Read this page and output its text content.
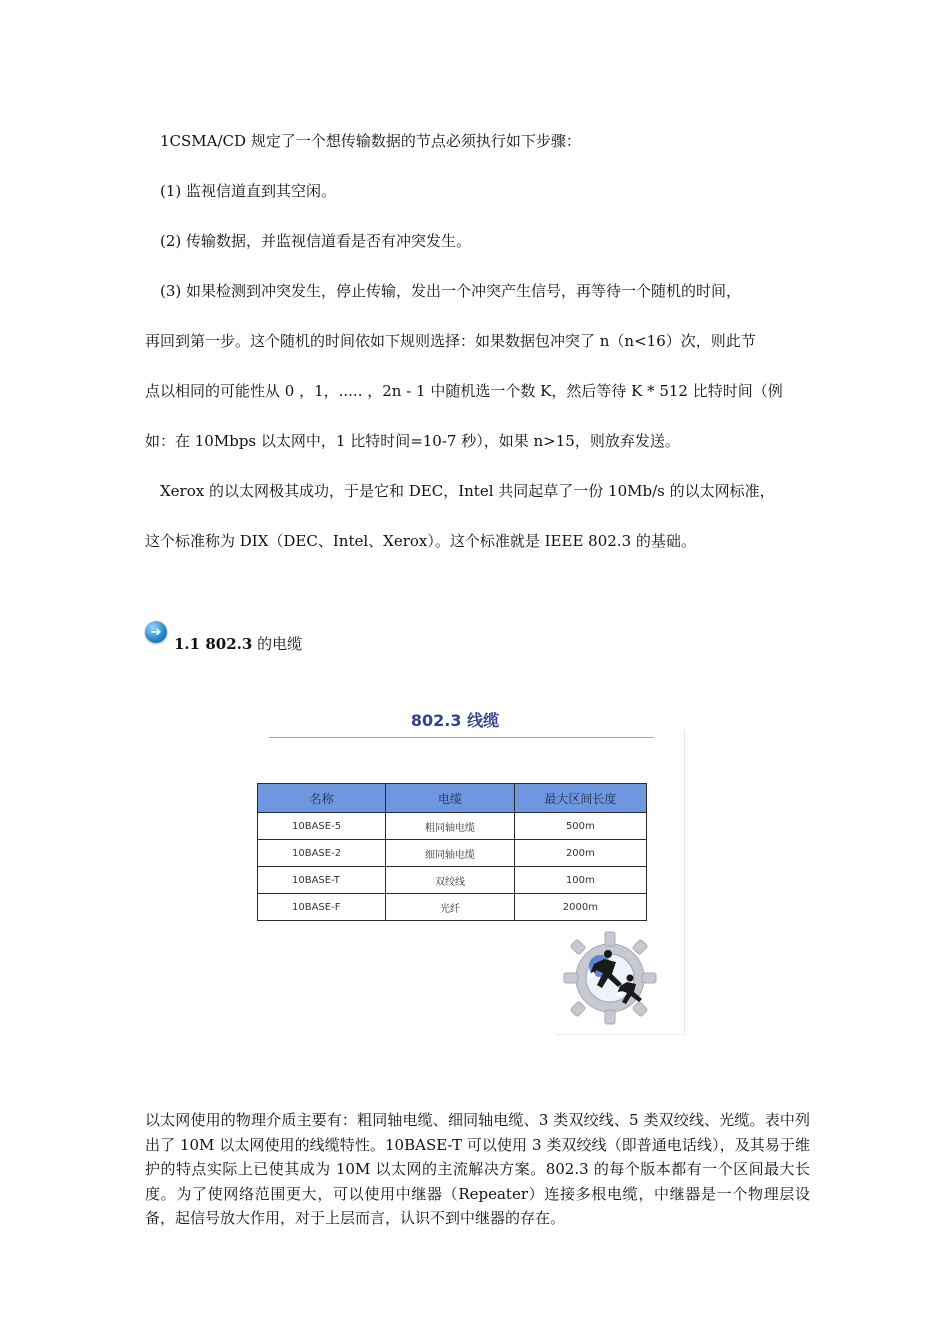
1CSMA/CD 规定了一个想传输数据的节点必须执行如下步骤：
(1) 监视信道直到其空闲。
(2) 传输数据，并监视信道看是否有冲突发生。
(3) 如果检测到冲突发生，停止传输，发出一个冲突产生信号，再等待一个随机的时间，
再回到第一步。这个随机的时间依如下规则选择：如果数据包冲突了 n（n<16）次，则此节
点以相同的可能性从 0 ，1，..... ，2n - 1 中随机选一个数 K，然后等待 K * 512 比特时间（例
如：在 10Mbps 以太网中，1 比特时间=10-7 秒），如果 n>15，则放弃发送。
Xerox 的以太网极其成功，于是它和 DEC，Intel 共同起草了一份 10Mb/s 的以太网标准，
这个标准称为 DIX（DEC、Intel、Xerox）。这个标准就是 IEEE 802.3 的基础。
➔
1.1 802.3 的电缆
802.3 线缆
名称	电缆	最大区间长度
10BASE-5	粗同轴电缆	500m
10BASE-2	细同轴电缆	200m
10BASE-T	双绞线	100m
10BASE-F	光纤	2000m
以太网使用的物理介质主要有：粗同轴电缆、细同轴电缆、3 类双绞线、5 类双绞线、光缆。表中列出了 10M 以太网使用的线缆特性。10BASE-T 可以使用 3 类双绞线（即普通电话线），及其易于维护的特点实际上已使其成为 10M 以太网的主流解决方案。802.3 的每个版本都有一个区间最大长度。为了使网络范围更大，可以使用中继器（Repeater）连接多根电缆，中继器是一个物理层设备，起信号放大作用，对于上层而言，认识不到中继器的存在。
